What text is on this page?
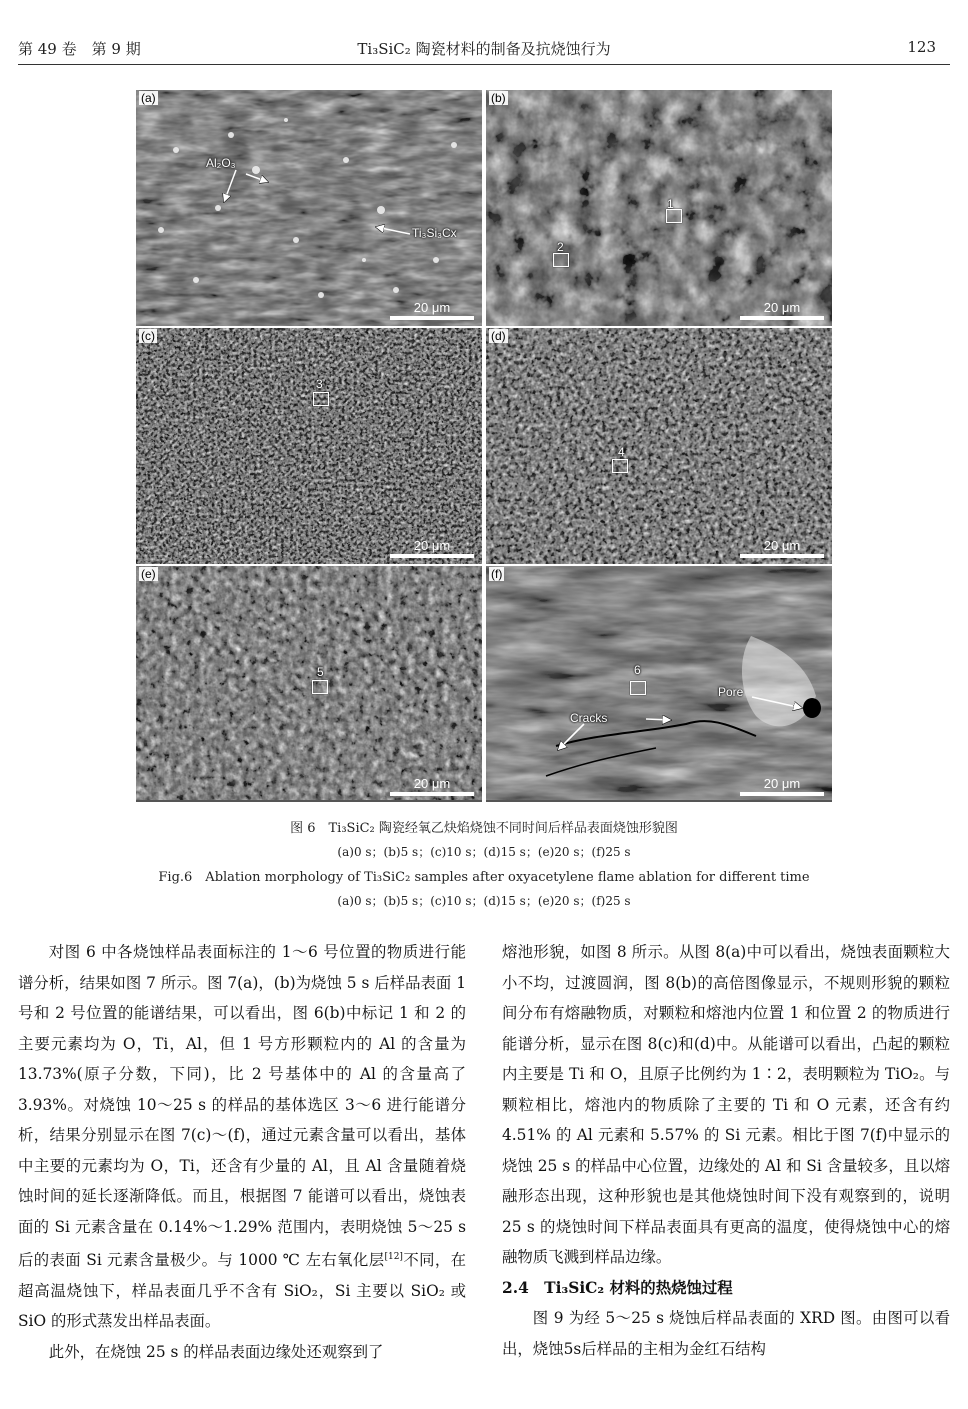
第 49 卷　第 9 期	Ti₃SiC₂ 陶瓷材料的制备及抗烧蚀行为	123
(a)
Al₂O₃
Ti₃Si₃Cx
20 μm
(b)
1
2
20 μm
(c)
3
20 μm
(d)
4
20 μm
(e)
5
20 μm
(f)
6
Pore
Cracks
20 μm
图 6　Ti₃SiC₂ 陶瓷经氧乙炔焰烧蚀不同时间后样品表面烧蚀形貌图
(a)0 s；(b)5 s；(c)10 s；(d)15 s；(e)20 s；(f)25 s
Fig.6　Ablation morphology of Ti₃SiC₂ samples after oxyacetylene flame ablation for different time
(a)0 s；(b)5 s；(c)10 s；(d)15 s；(e)20 s；(f)25 s

对图 6 中各烧蚀样品表面标注的 1～6 号位置的物质进行能谱分析，结果如图 7 所示。图 7(a)，(b)为烧蚀 5 s 后样品表面 1 号和 2 号位置的能谱结果，可以看出，图 6(b)中标记 1 和 2 的主要元素均为 O，Ti，Al，但 1 号方形颗粒内的 Al 的含量为 13.73%(原子分数，下同)，比 2 号基体中的 Al 的含量高了 3.93%。对烧蚀 10～25 s 的样品的基体选区 3～6 进行能谱分析，结果分别显示在图 7(c)～(f)，通过元素含量可以看出，基体中主要的元素均为 O，Ti，还含有少量的 Al，且 Al 含量随着烧蚀时间的延长逐渐降低。而且，根据图 7 能谱可以看出，烧蚀表面的 Si 元素含量在 0.14%～1.29% 范围内，表明烧蚀 5～25 s 后的表面 Si 元素含量极少。与 1000 ℃ 左右氧化层[12]不同，在超高温烧蚀下，样品表面几乎不含有 SiO₂，Si 主要以 SiO₂ 或 SiO 的形式蒸发出样品表面。

此外，在烧蚀 25 s 的样品表面边缘处还观察到了

熔池形貌，如图 8 所示。从图 8(a)中可以看出，烧蚀表面颗粒大小不均，过渡圆润，图 8(b)的高倍图像显示，不规则形貌的颗粒间分布有熔融物质，对颗粒和熔池内位置 1 和位置 2 的物质进行能谱分析，显示在图 8(c)和(d)中。从能谱可以看出，凸起的颗粒内主要是 Ti 和 O，且原子比例约为 1∶2，表明颗粒为 TiO₂。与颗粒相比，熔池内的物质除了主要的 Ti 和 O 元素，还含有约 4.51% 的 Al 元素和 5.57% 的 Si 元素。相比于图 7(f)中显示的烧蚀 25 s 的样品中心位置，边缘处的 Al 和 Si 含量较多，且以熔融形态出现，这种形貌也是其他烧蚀时间下没有观察到的，说明 25 s 的烧蚀时间下样品表面具有更高的温度，使得烧蚀中心的熔融物质飞溅到样品边缘。

2.4　Ti₃SiC₂ 材料的热烧蚀过程

图 9 为经 5～25 s 烧蚀后样品表面的 XRD 图。由图可以看出，烧蚀5s后样品的主相为金红石结构
